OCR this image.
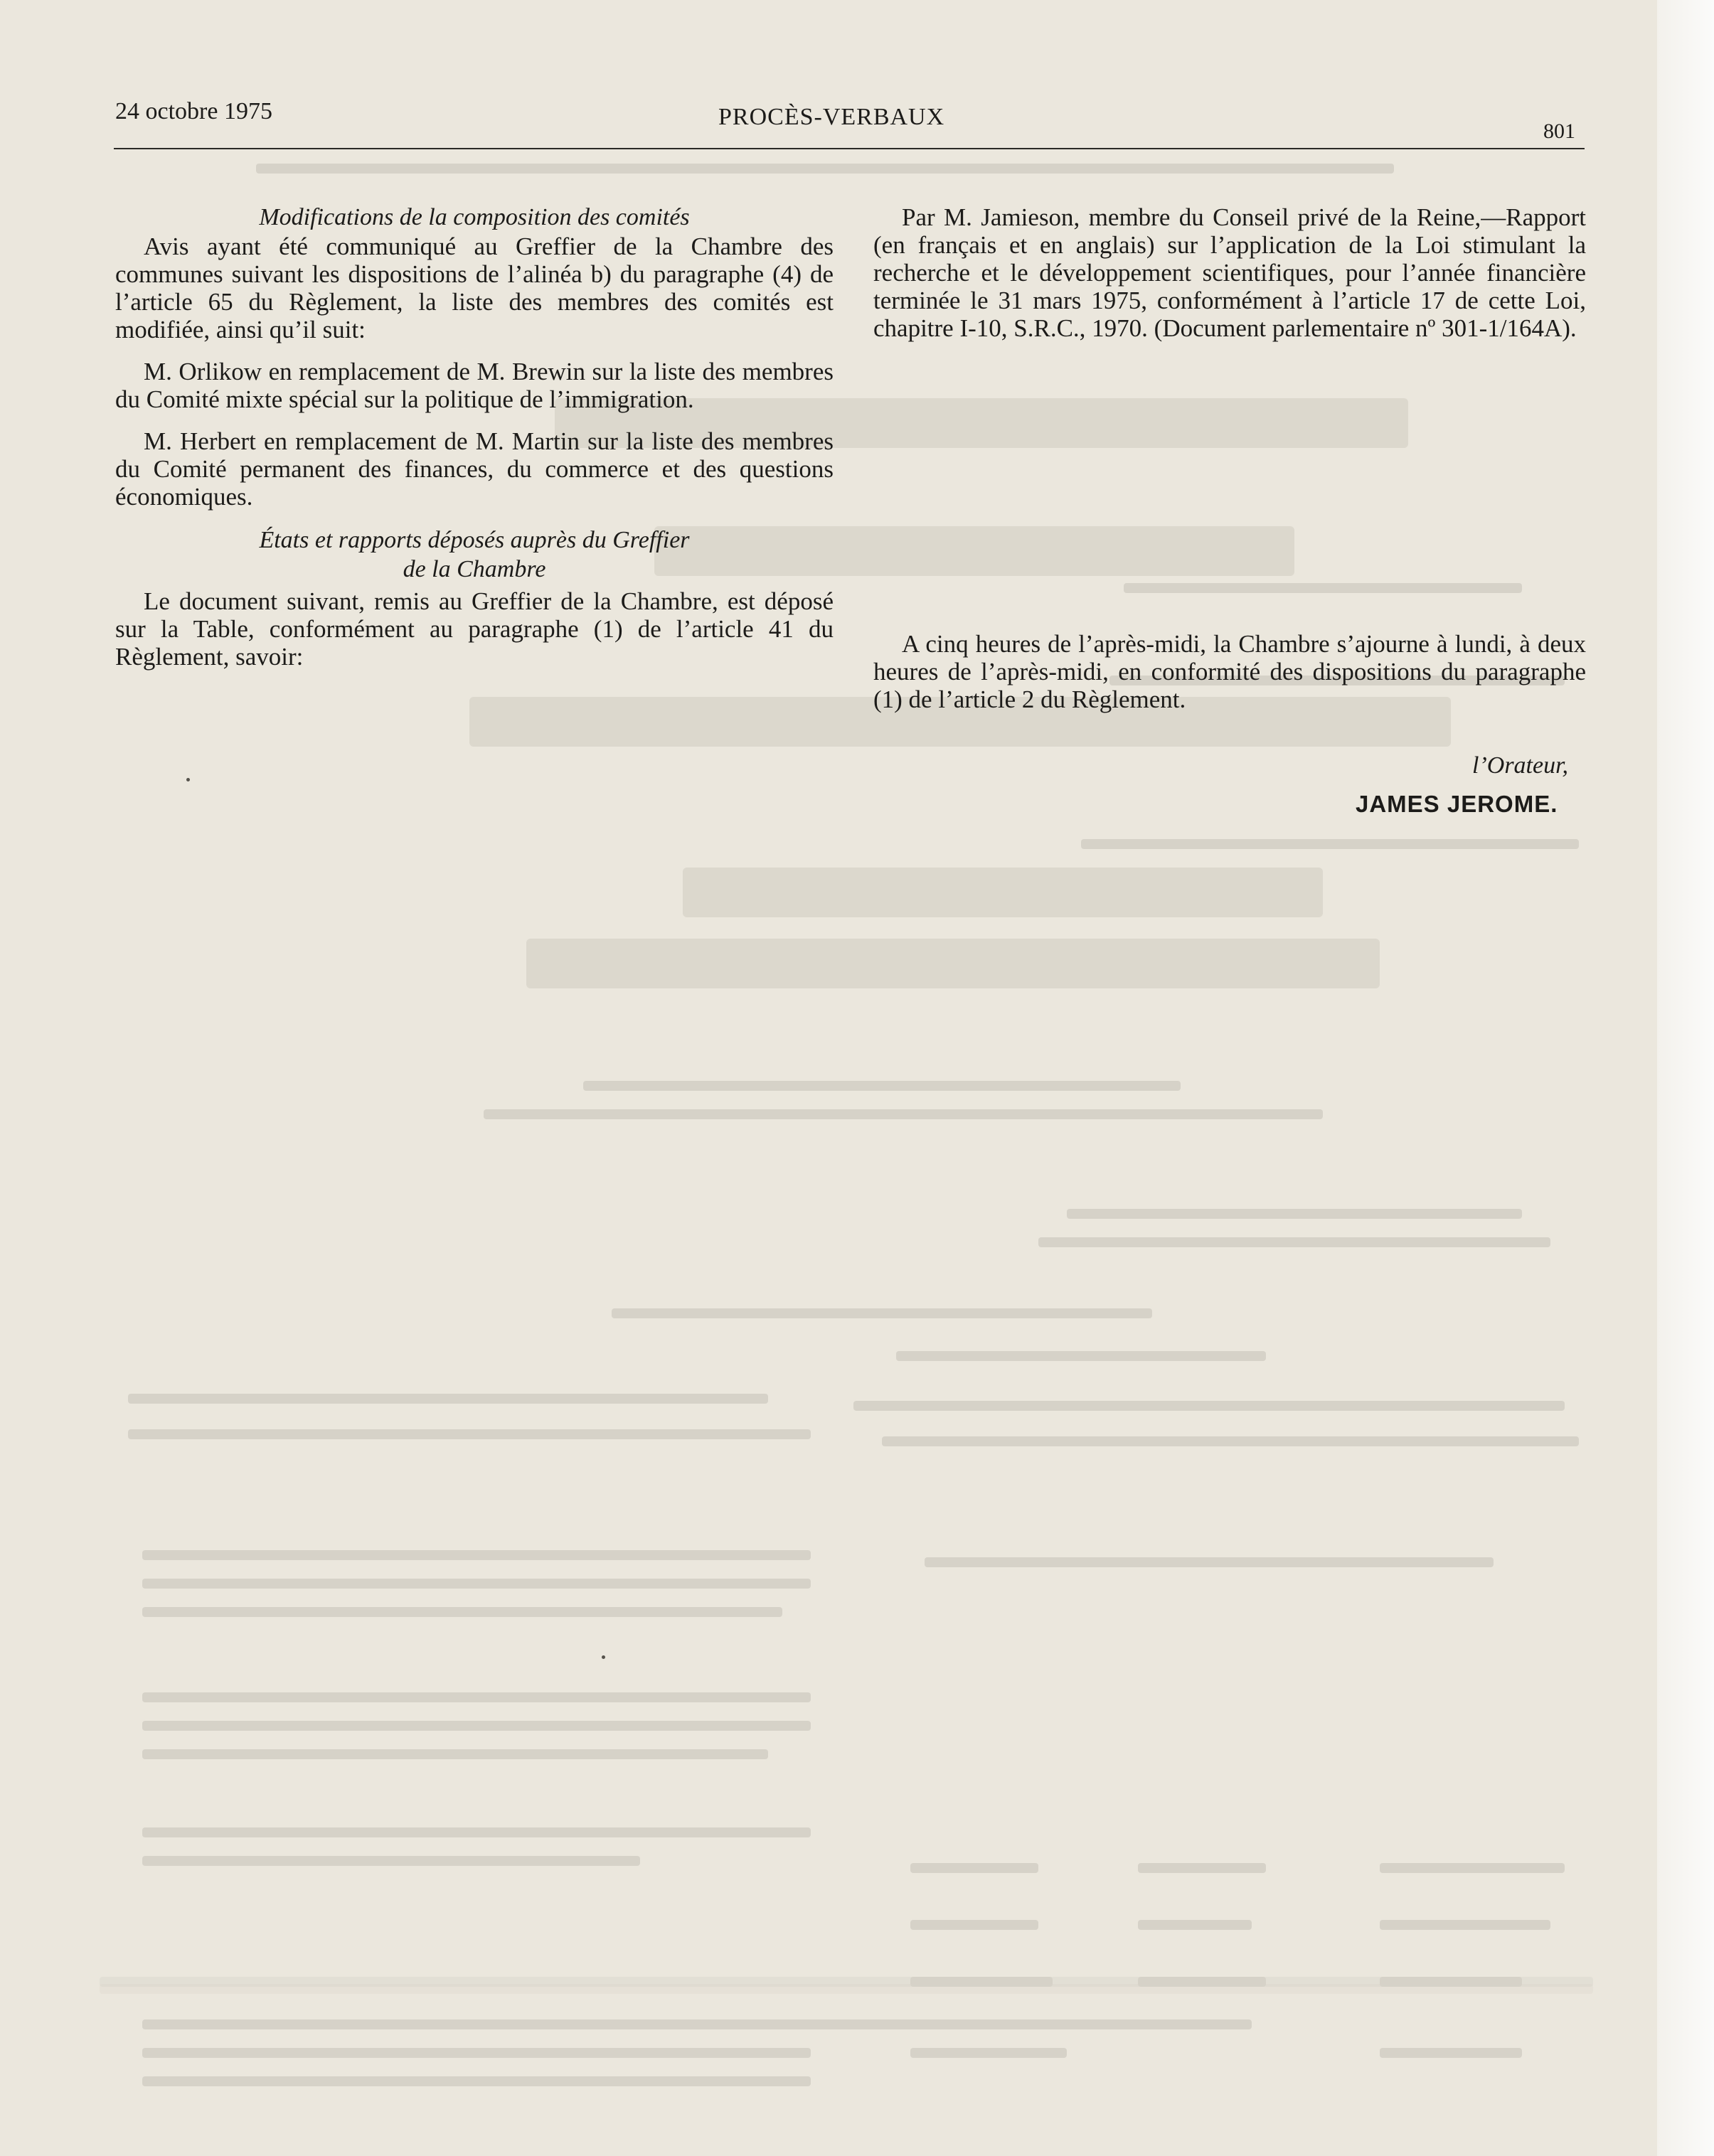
24 octobre 1975	PROCÈS-VERBAUX
801

Modifications de la composition des comités

Avis ayant été communiqué au Greffier de la Chambre des communes suivant les dispositions de l’alinéa b) du paragraphe (4) de l’article 65 du Règlement, la liste des membres des comités est modifiée, ainsi qu’il suit:

M. Orlikow en remplacement de M. Brewin sur la liste des membres du Comité mixte spécial sur la politique de l’immigration.

M. Herbert en remplacement de M. Martin sur la liste des membres du Comité permanent des finances, du commerce et des questions économiques.

États et rapports déposés auprès du Greffier

de la Chambre

Le document suivant, remis au Greffier de la Chambre, est déposé sur la Table, conformément au paragraphe (1) de l’article 41 du Règlement, savoir:

Par M. Jamieson, membre du Conseil privé de la Reine,—Rapport (en français et en anglais) sur l’application de la Loi stimulant la recherche et le développement scientifiques, pour l’année financière terminée le 31 mars 1975, conformément à l’article 17 de cette Loi, chapitre I-10, S.R.C., 1970. (Document parlementaire nº 301-1/164A).

A cinq heures de l’après-midi, la Chambre s’ajourne à lundi, à deux heures de l’après-midi, en conformité des dispositions du paragraphe (1) de l’article 2 du Règlement.

l’Orateur,
JAMES JEROME.
